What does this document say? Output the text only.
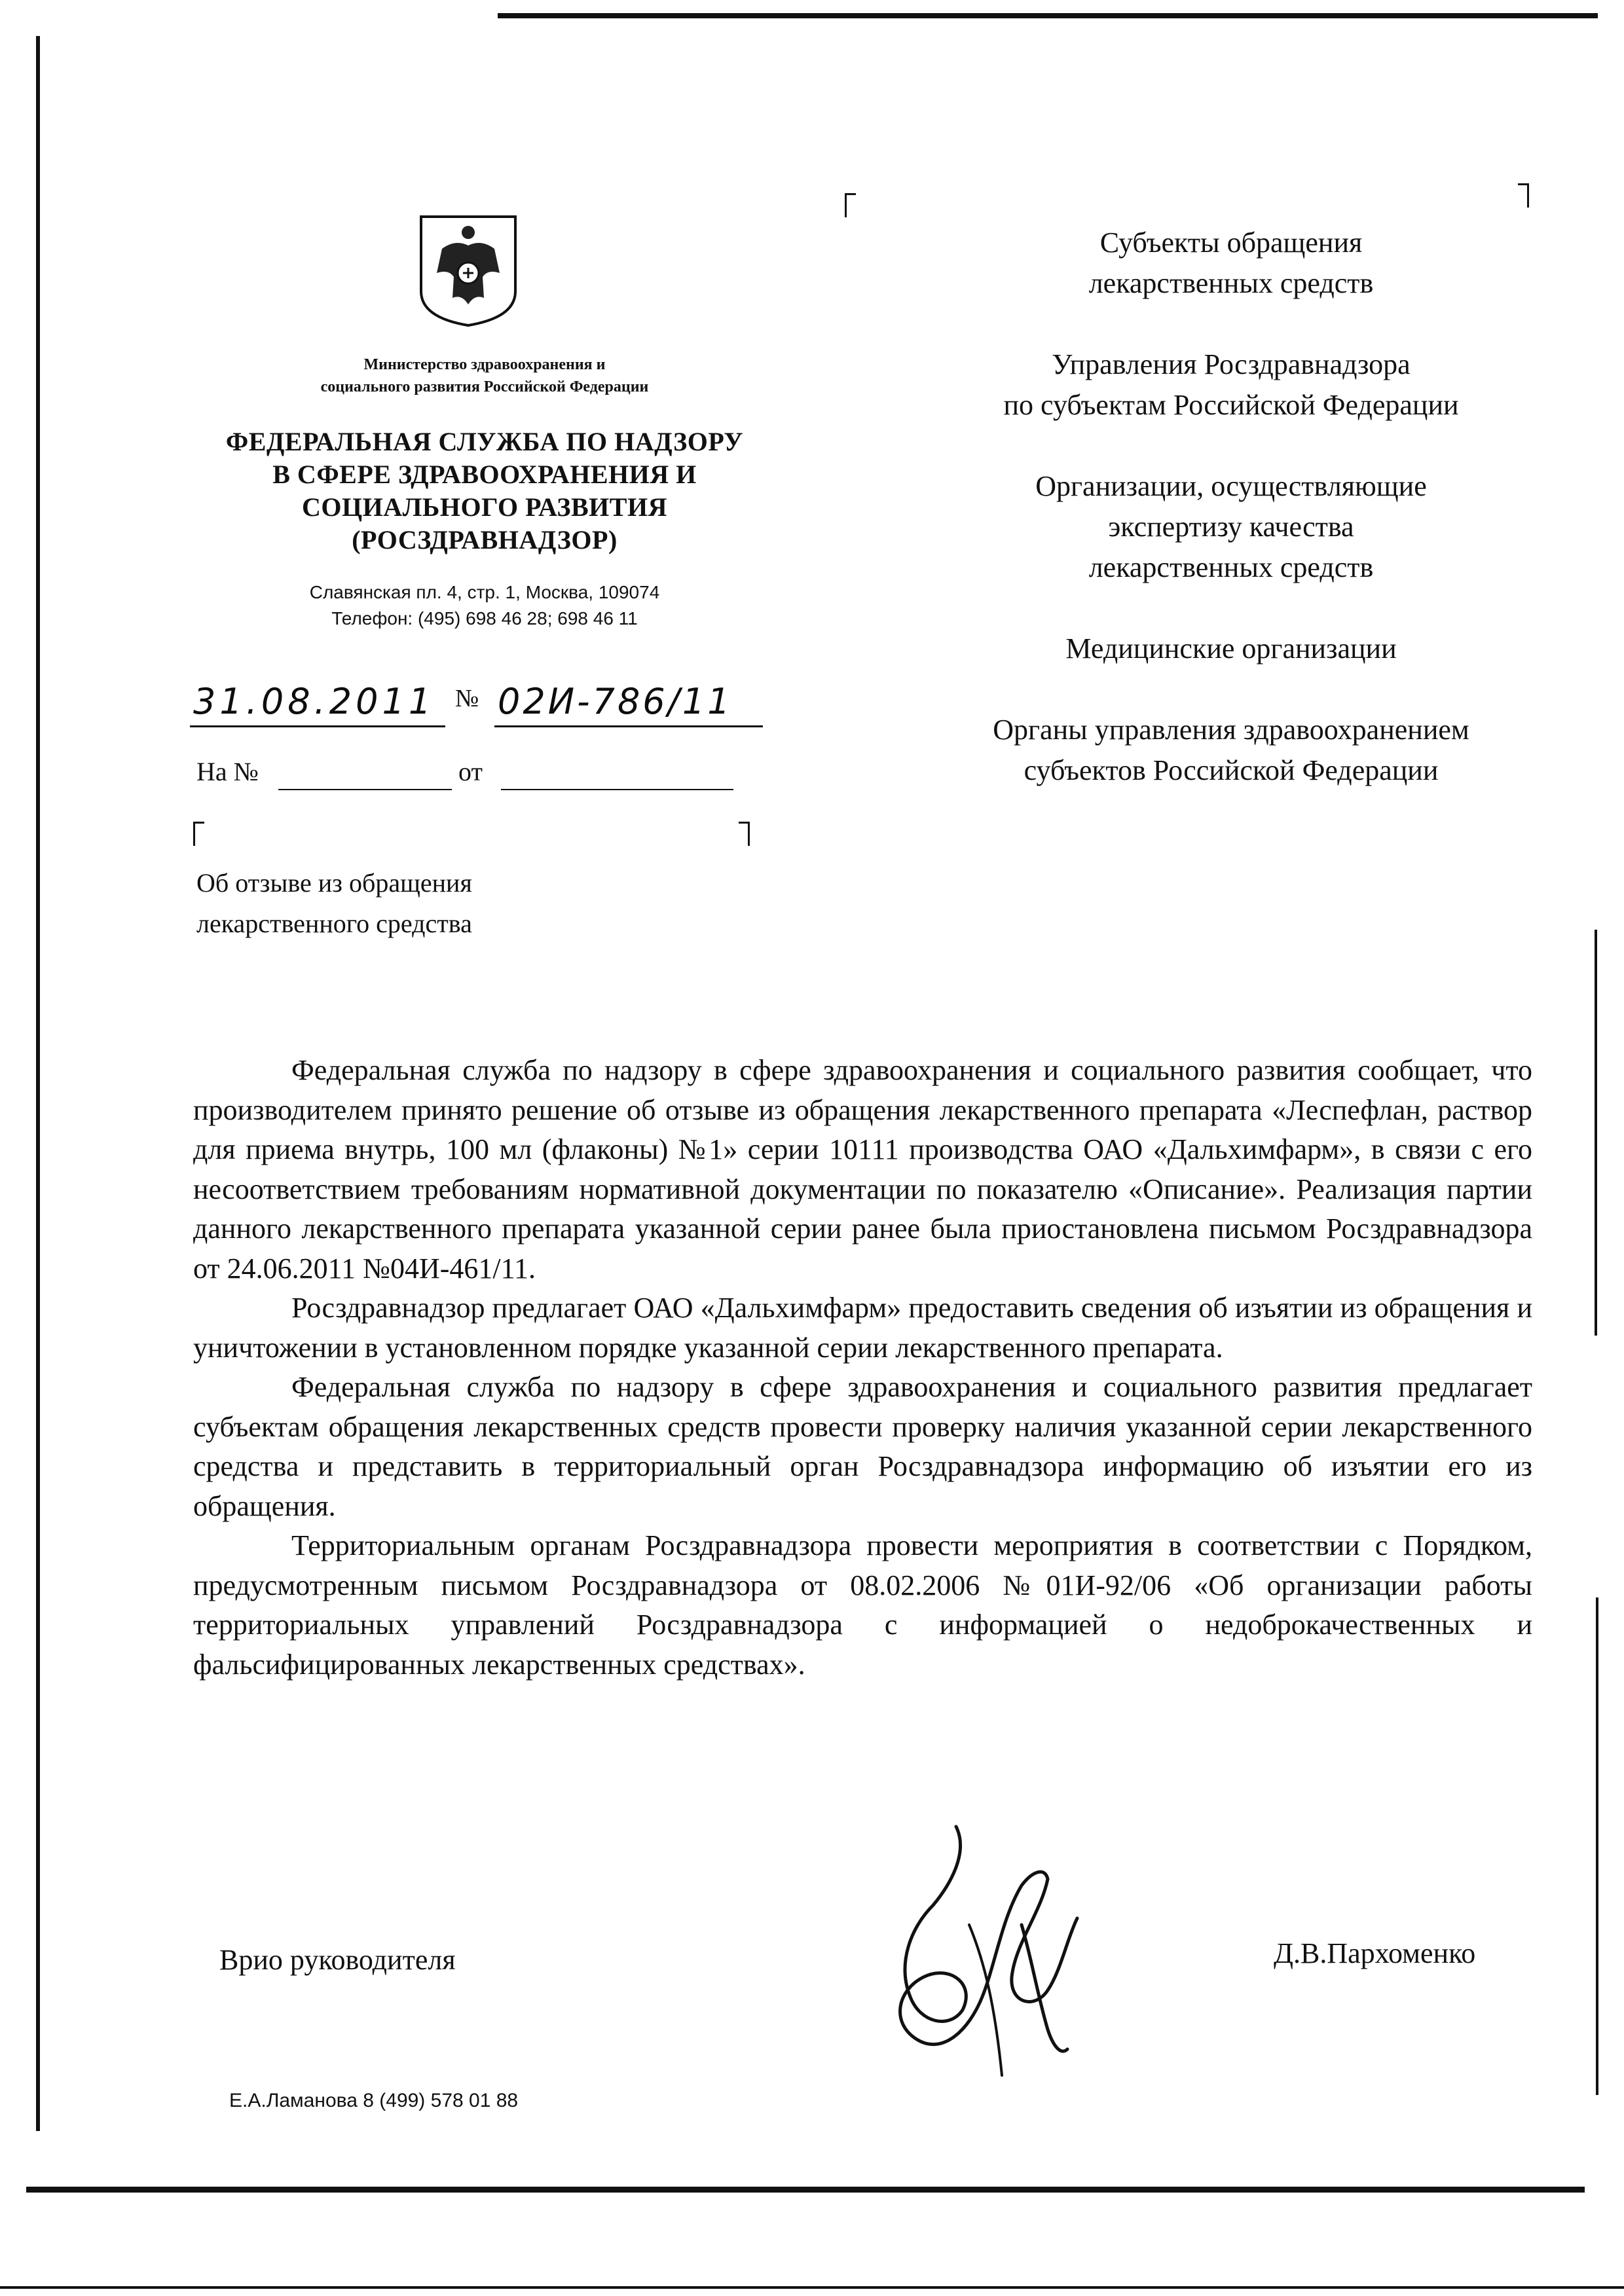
Министерство здравоохранения и
социального развития Российской Федерации
ФЕДЕРАЛЬНАЯ СЛУЖБА ПО НАДЗОРУ
В СФЕРЕ ЗДРАВООХРАНЕНИЯ И
СОЦИАЛЬНОГО РАЗВИТИЯ
(РОСЗДРАВНАДЗОР)
Славянская пл. 4, стр. 1, Москва, 109074
Телефон: (495) 698 46 28; 698 46 11
31.08.2011 № 02И-786/11
На №	от
Об отзыве из обращения
лекарственного средства
Субъекты обращения
лекарственных средств
Управления Росздравнадзора
по субъектам Российской Федерации
Организации, осуществляющие
экспертизу качества
лекарственных средств
Медицинские организации
Органы управления здравоохранением
субъектов Российской Федерации

Федеральная служба по надзору в сфере здравоохранения и социального развития сообщает, что производителем принято решение об отзыве из обращения лекарственного препарата «Леспефлан, раствор для приема внутрь, 100 мл (флаконы) №1» серии 10111 производства ОАО «Дальхимфарм», в связи с его несоответствием требованиям нормативной документации по показателю «Описание». Реализация партии данного лекарственного препарата указанной серии ранее была приостановлена письмом Росздравнадзора от 24.06.2011 №04И-461/11.

Росздравнадзор предлагает ОАО «Дальхимфарм» предоставить сведения об изъятии из обращения и уничтожении в установленном порядке указанной серии лекарственного препарата.

Федеральная служба по надзору в сфере здравоохранения и социального развития предлагает субъектам обращения лекарственных средств провести проверку наличия указанной серии лекарственного средства и представить в территориальный орган Росздравнадзора информацию об изъятии его из обращения.

Территориальным органам Росздравнадзора провести мероприятия в соответствии с Порядком, предусмотренным письмом Росздравнадзора от 08.02.2006 №01И-92/06 «Об организации работы территориальных управлений Росздравнадзора с информацией о недоброкачественных и фальсифицированных лекарственных средствах».

Врио руководителя	Д.В.Пархоменко
Е.А.Ламанова 8 (499) 578 01 88
